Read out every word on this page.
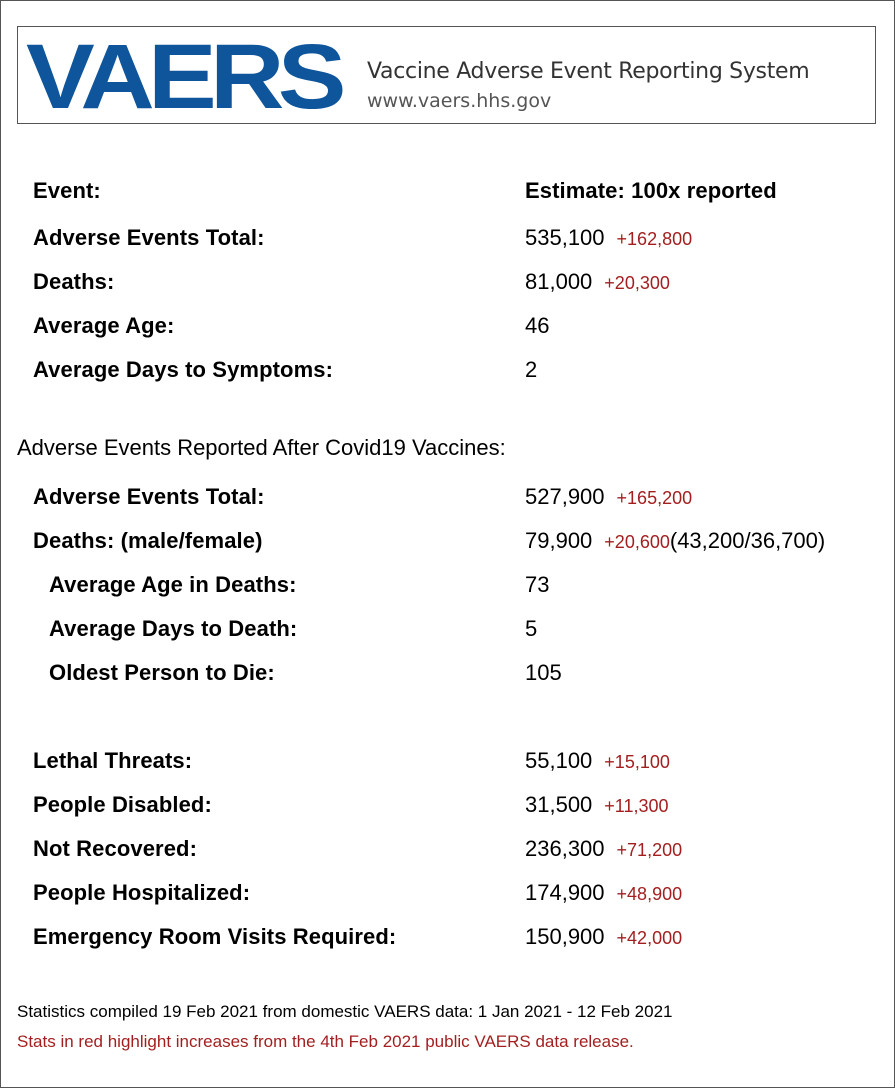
VAERS Vaccine Adverse Event Reporting System
www.vaers.hhs.gov
Event:	Estimate: 100x reported
Adverse Events Total:	535,100 +162,800
Deaths:	81,000 +20,300
Average Age:	46
Average Days to Symptoms:	2
Adverse Events Reported After Covid19 Vaccines:
Adverse Events Total:	527,900 +165,200
Deaths: (male/female)	79,900 +20,600(43,200/36,700)
Average Age in Deaths:	73
Average Days to Death:	5
Oldest Person to Die:	105
Lethal Threats:	55,100 +15,100
People Disabled:	31,500 +11,300
Not Recovered:	236,300 +71,200
People Hospitalized:	174,900 +48,900
Emergency Room Visits Required:	150,900 +42,000
Statistics compiled 19 Feb 2021 from domestic VAERS data: 1 Jan 2021 - 12 Feb 2021
Stats in red highlight increases from the 4th Feb 2021 public VAERS data release.
